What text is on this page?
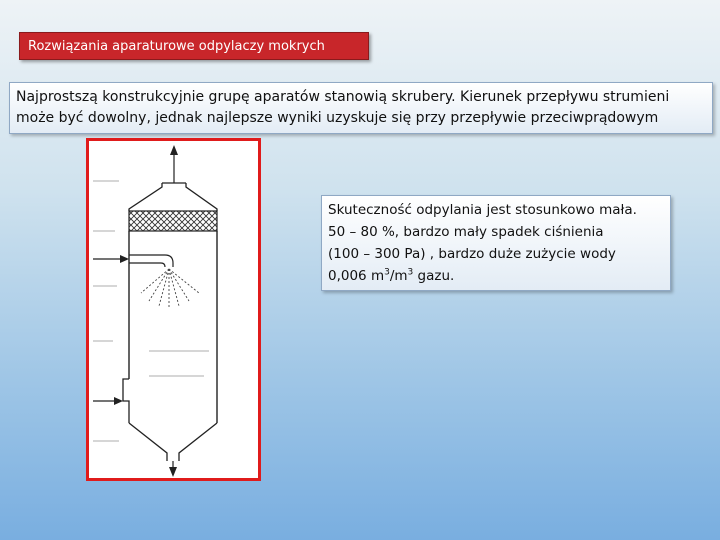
Rozwiązania aparaturowe odpylaczy mokrych
Najprostszą konstrukcyjnie grupę aparatów stanowią skrubery. Kierunek przepływu strumieni
może być dowolny, jednak najlepsze wyniki uzyskuje się przy przepływie przeciwprądowym

Skuteczność odpylania jest stosunkowo mała.

50 – 80 %, bardzo mały spadek ciśnienia

(100 – 300 Pa) , bardzo duże zużycie wody

0,006 $m^3/m^3$ gazu.
